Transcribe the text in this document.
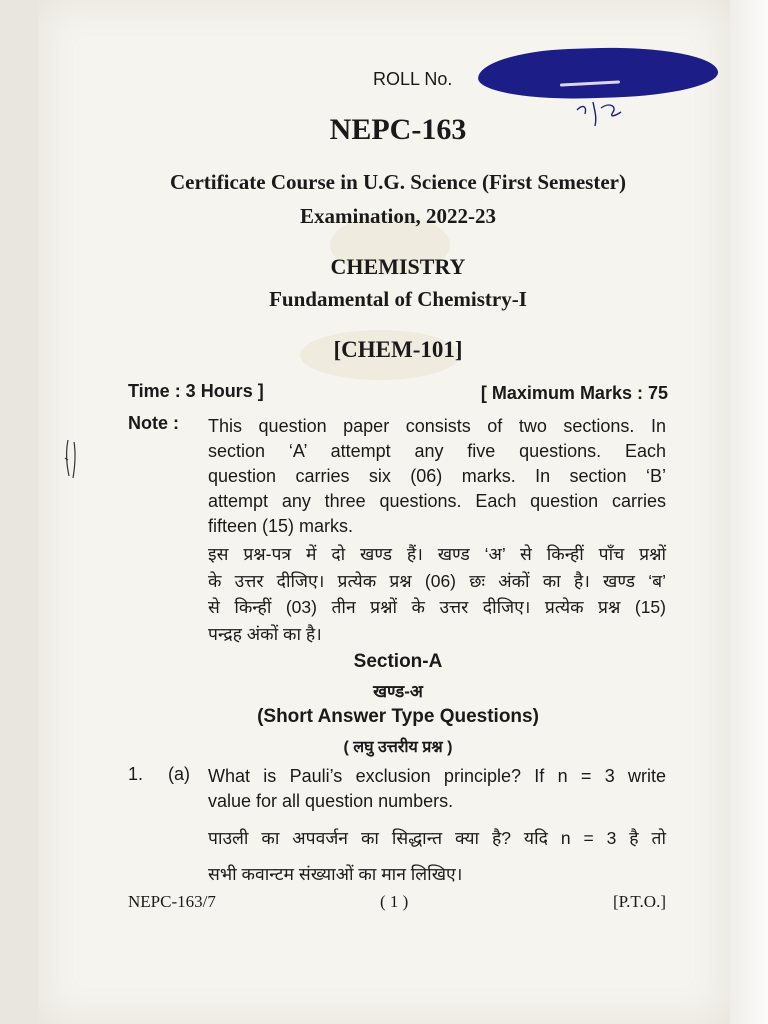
ROLL No.
NEPC-163
Certificate Course in U.G. Science (First Semester)
Examination, 2022-23
CHEMISTRY
Fundamental of Chemistry-I
[CHEM-101]
Time : 3 Hours ]	[ Maximum Marks : 75
Note : This question paper consists of two sections. In
section ‘A’ attempt any five questions. Each
question carries six (06) marks. In section ‘B’
attempt any three questions. Each question carries
fifteen (15) marks.
इस प्रश्न-पत्र में दो खण्ड हैं। खण्ड ‘अ’ से किन्हीं पाँच प्रश्नों
के उत्तर दीजिए। प्रत्येक प्रश्न (06) छः अंकों का है। खण्ड ‘ब’
से किन्हीं (03) तीन प्रश्नों के उत्तर दीजिए। प्रत्येक प्रश्न (15)
पन्द्रह अंकों का है।
Section-A
खण्ड-अ
(Short Answer Type Questions)
( लघु उत्तरीय प्रश्न )
1. (a) What is Pauli’s exclusion principle? If n = 3 write
value for all question numbers.
पाउली का अपवर्जन का सिद्धान्त क्या है? यदि n = 3 है तो
सभी कवान्टम संख्याओं का मान लिखिए।
NEPC-163/7	( 1 )	[P.T.O.]
